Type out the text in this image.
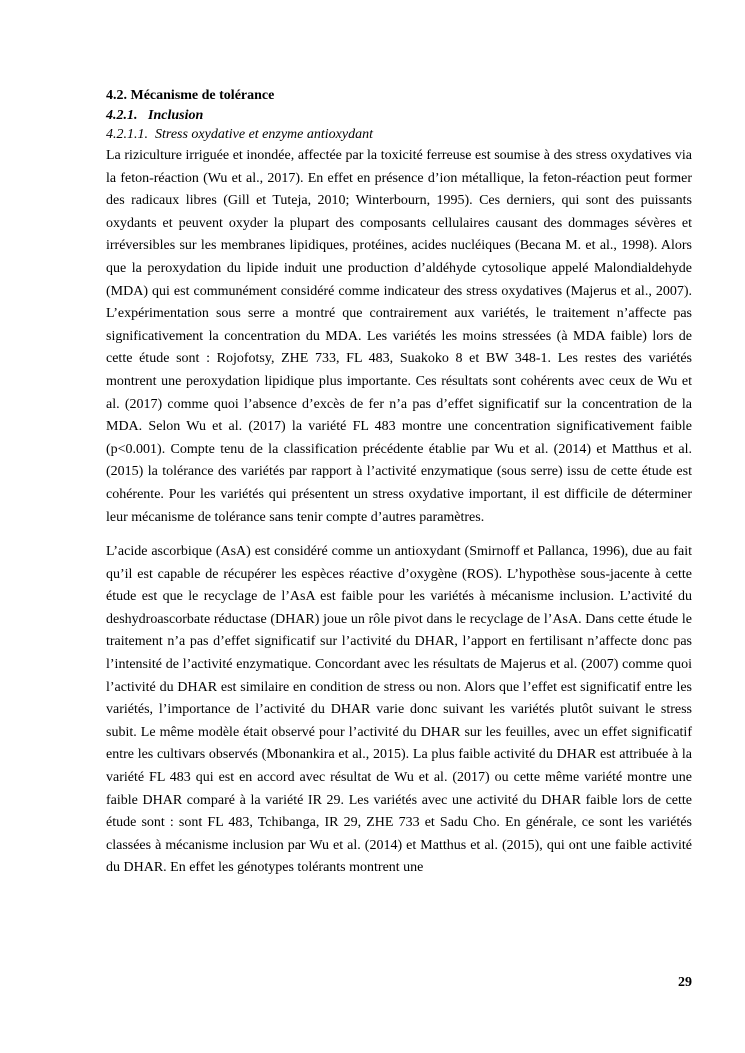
4.2. Mécanisme de tolérance

4.2.1.   Inclusion

4.2.1.1.  Stress oxydative et enzyme antioxydant

La riziculture irriguée et inondée, affectée par la toxicité ferreuse est soumise à des stress oxydatives via la feton-réaction (Wu et al., 2017). En effet en présence d’ion métallique, la feton-réaction peut former des radicaux libres (Gill et Tuteja, 2010; Winterbourn, 1995). Ces derniers, qui sont des puissants oxydants et peuvent oxyder la plupart des composants cellulaires causant des dommages sévères et irréversibles sur les membranes lipidiques, protéines, acides nucléiques (Becana M. et al., 1998). Alors que la peroxydation du lipide induit une production d’aldéhyde cytosolique appelé Malondialdehyde (MDA) qui est communément considéré comme indicateur des stress oxydatives (Majerus et al., 2007). L’expérimentation sous serre a montré que contrairement aux variétés, le traitement n’affecte pas significativement la concentration du MDA. Les variétés les moins stressées (à MDA faible) lors de cette étude sont : Rojofotsy, ZHE 733, FL 483, Suakoko 8 et BW 348-1. Les restes des variétés montrent une peroxydation lipidique plus importante. Ces résultats sont cohérents avec ceux de Wu et al. (2017) comme quoi l’absence d’excès de fer n’a pas d’effet significatif sur la concentration de la MDA. Selon Wu et al. (2017) la variété FL 483 montre une concentration significativement faible (p<0.001). Compte tenu de la classification précédente établie par Wu et al. (2014) et Matthus et al. (2015) la tolérance des variétés par rapport à l’activité enzymatique (sous serre) issu de cette étude est cohérente. Pour les variétés qui présentent un stress oxydative important, il est difficile de déterminer leur mécanisme de tolérance sans tenir compte d’autres paramètres.

L’acide ascorbique (AsA) est considéré comme un antioxydant (Smirnoff et Pallanca, 1996), due au fait qu’il est capable de récupérer les espèces réactive d’oxygène (ROS). L’hypothèse sous-jacente à cette étude est que le recyclage de l’AsA est faible pour les variétés à mécanisme inclusion. L’activité du deshydroascorbate réductase (DHAR) joue un rôle pivot dans le recyclage de l’AsA. Dans cette étude le traitement n’a pas d’effet significatif sur l’activité du DHAR, l’apport en fertilisant n’affecte donc pas l’intensité de l’activité enzymatique. Concordant avec les résultats de Majerus et al. (2007) comme quoi l’activité du DHAR est similaire en condition de stress ou non. Alors que l’effet est significatif entre les variétés, l’importance de l’activité du DHAR varie donc suivant les variétés plutôt suivant le stress subit. Le même modèle était observé pour l’activité du DHAR sur les feuilles, avec un effet significatif entre les cultivars observés (Mbonankira et al., 2015). La plus faible activité du DHAR est attribuée à la variété FL 483 qui est en accord avec résultat de Wu et al. (2017) ou cette même variété montre une faible DHAR comparé à la variété IR 29. Les variétés avec une activité du DHAR faible lors de cette étude sont : sont FL 483, Tchibanga, IR 29, ZHE 733 et Sadu Cho. En générale, ce sont les variétés classées à mécanisme inclusion par Wu et al. (2014) et Matthus et al. (2015), qui ont une faible activité du DHAR. En effet les génotypes tolérants montrent une

29
